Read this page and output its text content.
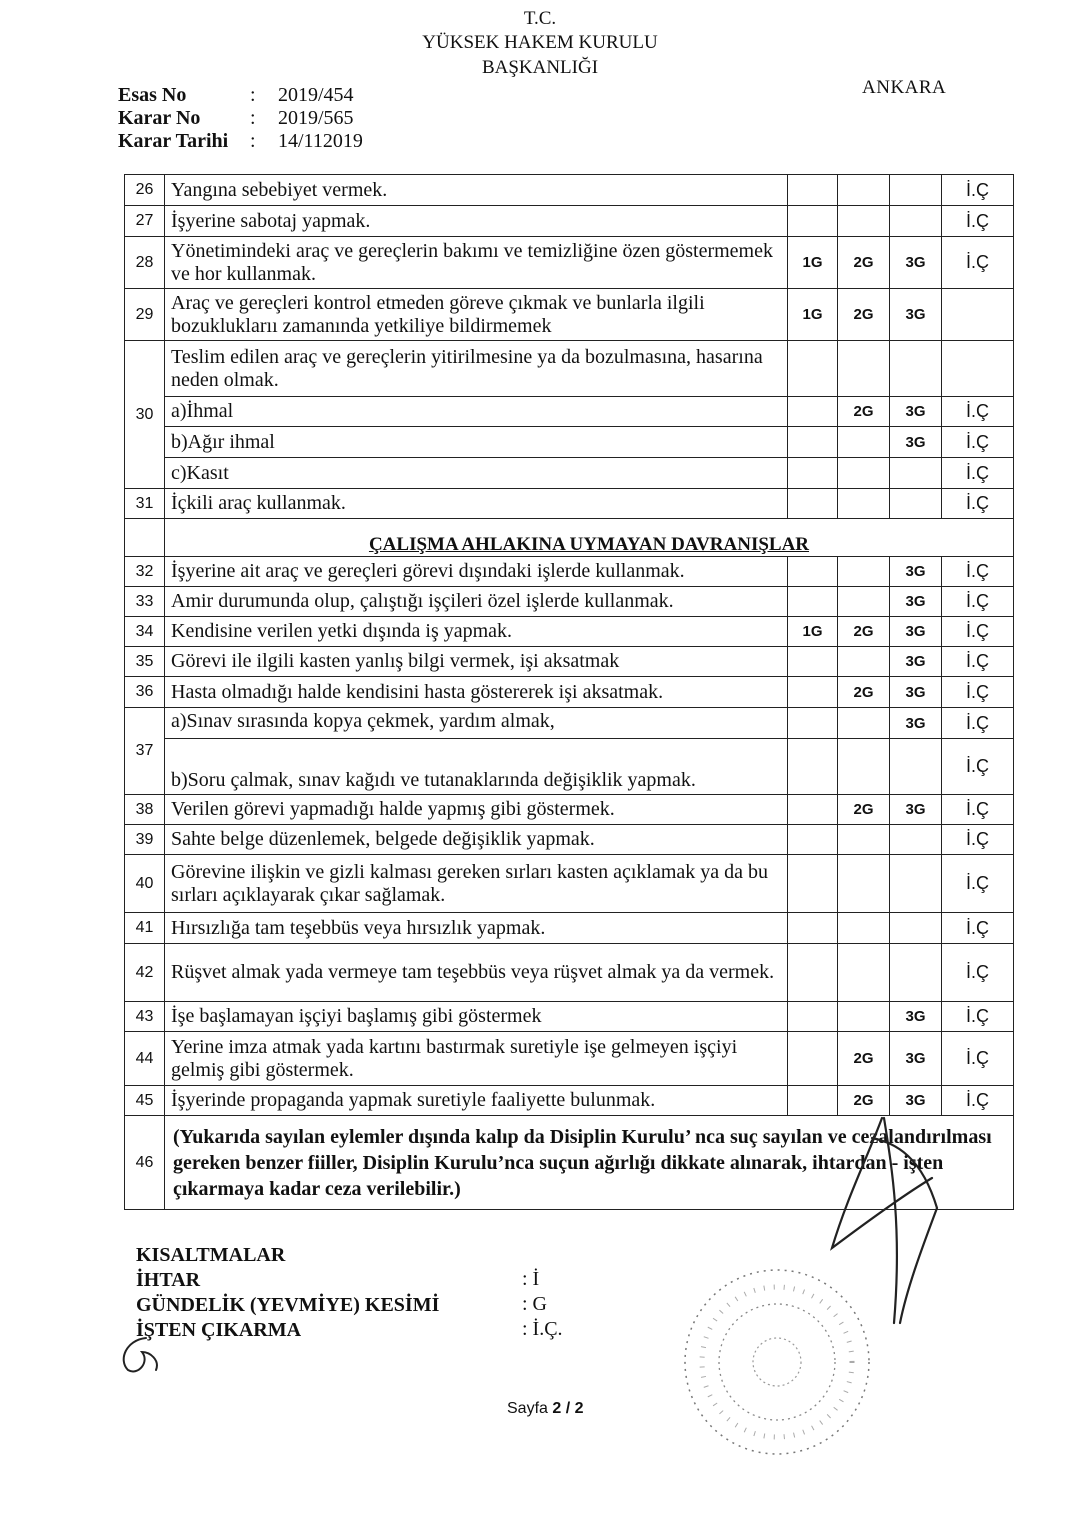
T.C.
YÜKSEK HAKEM KURULU
BAŞKANLIĞI
ANKARA
Esas No	: 2019/454
Karar No : 2019/565
Karar Tarihi : 14/112019
26	Yangına sebebiyet vermek.				İ.Ç
27	İşyerine sabotaj yapmak.				İ.Ç
28	Yönetimindeki araç ve gereçlerin bakımı ve temizliğine özen göstermemek ve hor kullanmak.	1G	2G	3G	İ.Ç
29	Araç ve gereçleri kontrol etmeden göreve çıkmak ve bunlarla ilgili bozukluklarıı zamanında yetkiliye bildirmemek	1G	2G	3G	
30	Teslim edilen araç ve gereçlerin yitirilmesine ya da bozulmasına, hasarına neden olmak.				
	a)İhmal		2G	3G	İ.Ç
	b)Ağır ihmal			3G	İ.Ç
	c)Kasıt				İ.Ç
31	İçkili araç kullanmak.				İ.Ç
	ÇALIŞMA AHLAKINA UYMAYAN DAVRANIŞLAR				
32	İşyerine ait araç ve gereçleri görevi dışındaki işlerde kullanmak.			3G	İ.Ç
33	Amir durumunda olup, çalıştığı işçileri özel işlerde kullanmak.			3G	İ.Ç
34	Kendisine verilen yetki dışında iş yapmak.	1G	2G	3G	İ.Ç
35	Görevi ile ilgili kasten yanlış bilgi vermek, işi aksatmak			3G	İ.Ç
36	Hasta olmadığı halde kendisini hasta göstererek işi aksatmak.		2G	3G	İ.Ç
37	a)Sınav sırasında kopya çekmek, yardım almak,			3G	İ.Ç
	b)Soru çalmak, sınav kağıdı ve tutanaklarında değişiklik yapmak.				İ.Ç
38	Verilen görevi yapmadığı halde yapmış gibi göstermek.		2G	3G	İ.Ç
39	Sahte belge düzenlemek, belgede değişiklik yapmak.				İ.Ç
40	Görevine ilişkin ve gizli kalması gereken sırları kasten açıklamak ya da bu sırları açıklayarak çıkar sağlamak.				İ.Ç
41	Hırsızlığa tam teşebbüs veya hırsızlık yapmak.				İ.Ç
42	Rüşvet almak yada vermeye tam teşebbüs veya rüşvet almak ya da vermek.				İ.Ç
43	İşe başlamayan işçiyi başlamış gibi göstermek			3G	İ.Ç
44	Yerine imza atmak yada kartını bastırmak suretiyle işe gelmeyen işçiyi gelmiş gibi göstermek.		2G	3G	İ.Ç
45	İşyerinde propaganda yapmak suretiyle faaliyette bulunmak.		2G	3G	İ.Ç
46	(Yukarıda sayılan eylemler dışında kalıp da Disiplin Kurulu’ nca suç sayılan ve cezalandırılması gereken benzer fiiller, Disiplin Kurulu’nca suçun ağırlığı dikkate alınarak, ihtardan - işten çıkarmaya kadar ceza verilebilir.)				
KISALTMALAR
İHTAR	: İ
GÜNDELİK (YEVMİYE) KESİMİ	: G
İŞTEN ÇIKARMA	: İ.Ç.
Sayfa 2 / 2
